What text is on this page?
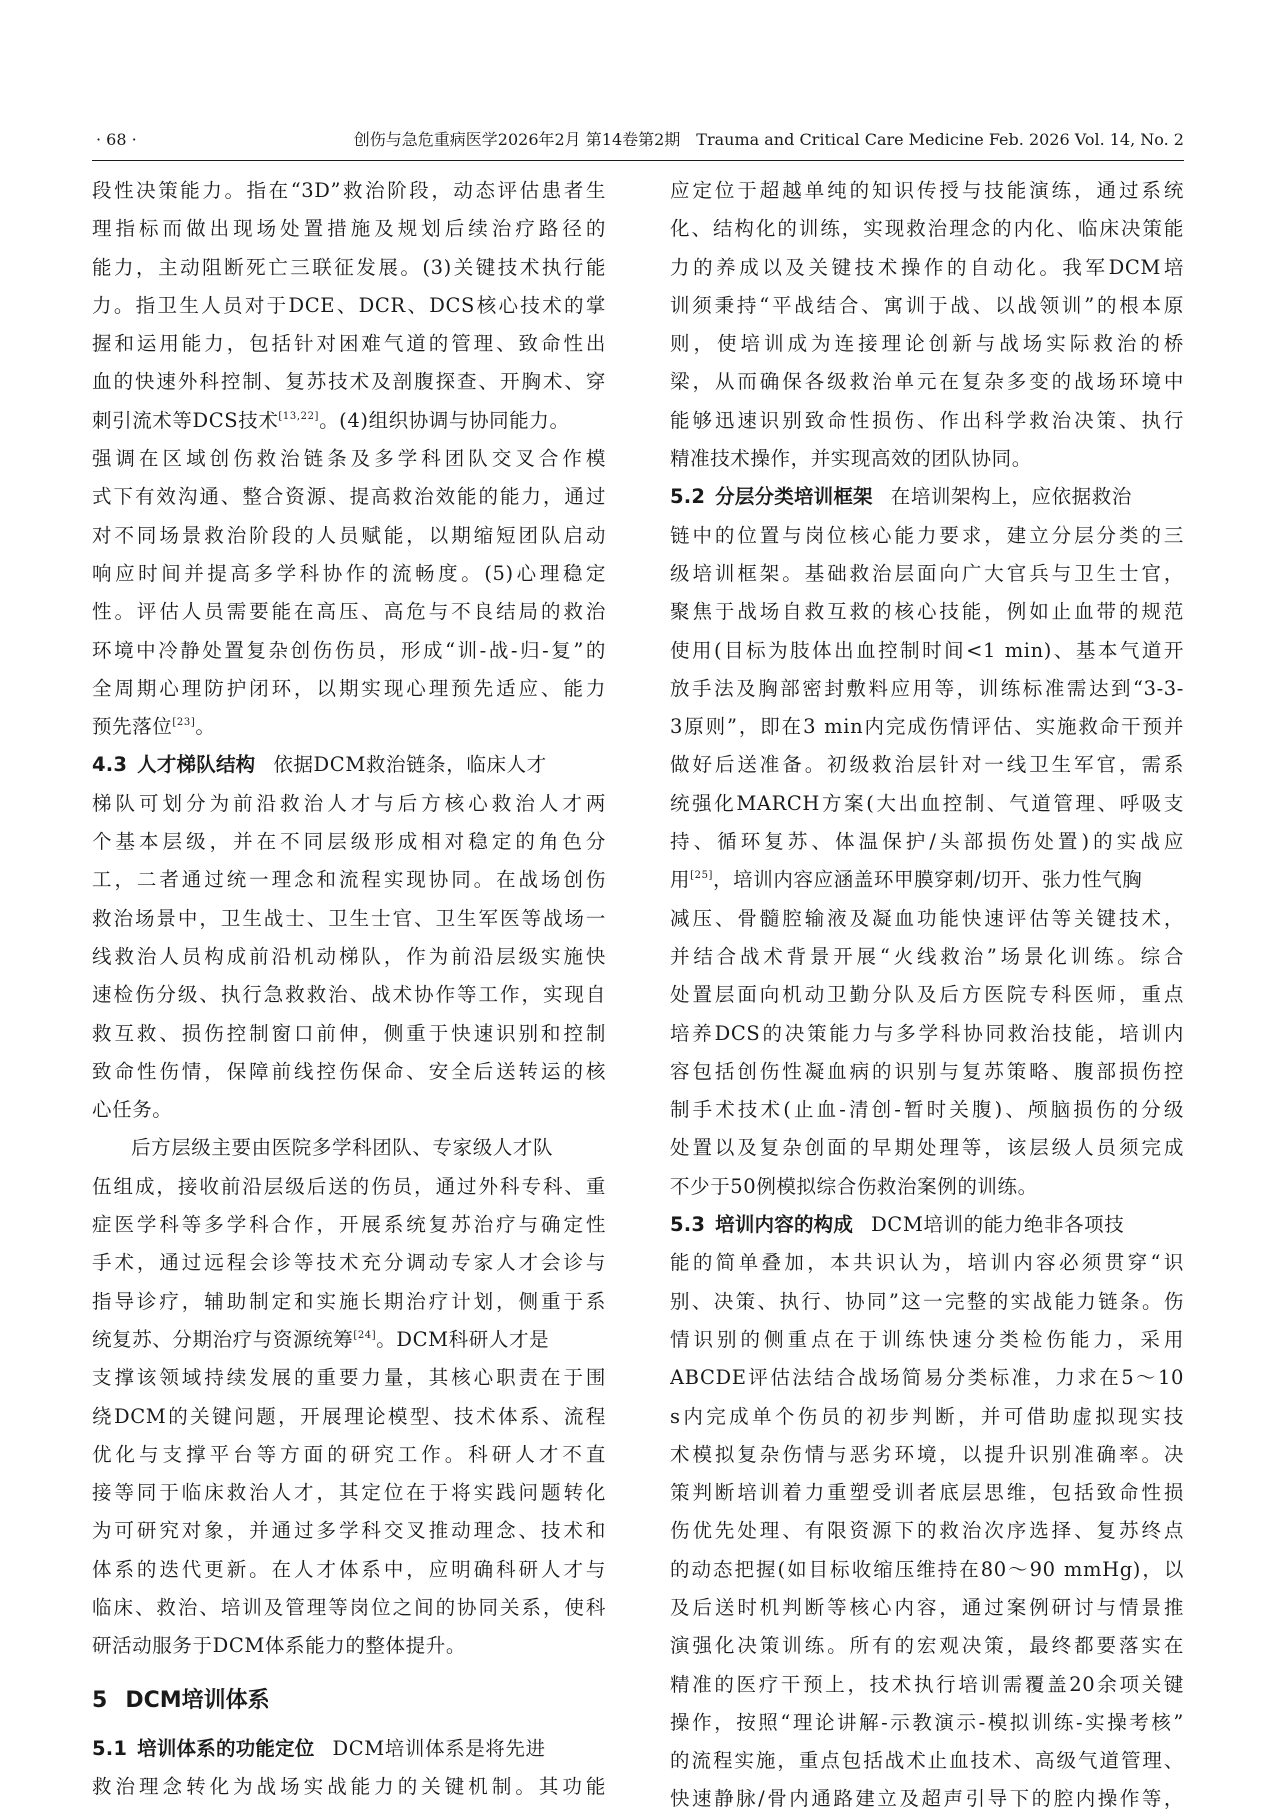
· 68 ·	创伤与急危重病医学2026年2月 第14卷第2期　Trauma and Critical Care Medicine Feb. 2026 Vol. 14, No. 2
段性决策能力。指在“3D”救治阶段，动态评估患者生
理指标而做出现场处置措施及规划后续治疗路径的
能力，主动阻断死亡三联征发展。(3)关键技术执行能
力。指卫生人员对于DCE、DCR、DCS核心技术的掌
握和运用能力，包括针对困难气道的管理、致命性出
血的快速外科控制、复苏技术及剖腹探查、开胸术、穿
刺引流术等DCS技术[13,22]。(4)组织协调与协同能力。
强调在区域创伤救治链条及多学科团队交叉合作模
式下有效沟通、整合资源、提高救治效能的能力，通过
对不同场景救治阶段的人员赋能，以期缩短团队启动
响应时间并提高多学科协作的流畅度。(5)心理稳定
性。评估人员需要能在高压、高危与不良结局的救治
环境中冷静处置复杂创伤伤员，形成“训-战-归-复”的
全周期心理防护闭环，以期实现心理预先适应、能力
预先落位[23]。
4.3 人才梯队结构 依据DCM救治链条，临床人才
梯队可划分为前沿救治人才与后方核心救治人才两
个基本层级，并在不同层级形成相对稳定的角色分
工，二者通过统一理念和流程实现协同。在战场创伤
救治场景中，卫生战士、卫生士官、卫生军医等战场一
线救治人员构成前沿机动梯队，作为前沿层级实施快
速检伤分级、执行急救救治、战术协作等工作，实现自
救互救、损伤控制窗口前伸，侧重于快速识别和控制
致命性伤情，保障前线控伤保命、安全后送转运的核
心任务。
后方层级主要由医院多学科团队、专家级人才队
伍组成，接收前沿层级后送的伤员，通过外科专科、重
症医学科等多学科合作，开展系统复苏治疗与确定性
手术，通过远程会诊等技术充分调动专家人才会诊与
指导诊疗，辅助制定和实施长期治疗计划，侧重于系
统复苏、分期治疗与资源统筹[24]。DCM科研人才是
支撑该领域持续发展的重要力量，其核心职责在于围
绕DCM的关键问题，开展理论模型、技术体系、流程
优化与支撑平台等方面的研究工作。科研人才不直
接等同于临床救治人才，其定位在于将实践问题转化
为可研究对象，并通过多学科交叉推动理念、技术和
体系的迭代更新。在人才体系中，应明确科研人才与
临床、救治、培训及管理等岗位之间的协同关系，使科
研活动服务于DCM体系能力的整体提升。
5 DCM培训体系
5.1 培训体系的功能定位 DCM培训体系是将先进
救治理念转化为战场实战能力的关键机制。其功能
应定位于超越单纯的知识传授与技能演练，通过系统
化、结构化的训练，实现救治理念的内化、临床决策能
力的养成以及关键技术操作的自动化。我军DCM培
训须秉持“平战结合、寓训于战、以战领训”的根本原
则，使培训成为连接理论创新与战场实际救治的桥
梁，从而确保各级救治单元在复杂多变的战场环境中
能够迅速识别致命性损伤、作出科学救治决策、执行
精准技术操作，并实现高效的团队协同。
5.2 分层分类培训框架 在培训架构上，应依据救治
链中的位置与岗位核心能力要求，建立分层分类的三
级培训框架。基础救治层面向广大官兵与卫生士官，
聚焦于战场自救互救的核心技能，例如止血带的规范
使用(目标为肢体出血控制时间<1 min)、基本气道开
放手法及胸部密封敷料应用等，训练标准需达到“3-3-
3原则”，即在3 min内完成伤情评估、实施救命干预并
做好后送准备。初级救治层针对一线卫生军官，需系
统强化MARCH方案(大出血控制、气道管理、呼吸支
持、循环复苏、体温保护/头部损伤处置)的实战应
用[25]，培训内容应涵盖环甲膜穿刺/切开、张力性气胸
减压、骨髓腔输液及凝血功能快速评估等关键技术，
并结合战术背景开展“火线救治”场景化训练。综合
处置层面向机动卫勤分队及后方医院专科医师，重点
培养DCS的决策能力与多学科协同救治技能，培训内
容包括创伤性凝血病的识别与复苏策略、腹部损伤控
制手术技术(止血-清创-暂时关腹)、颅脑损伤的分级
处置以及复杂创面的早期处理等，该层级人员须完成
不少于50例模拟综合伤救治案例的训练。
5.3 培训内容的构成 DCM培训的能力绝非各项技
能的简单叠加，本共识认为，培训内容必须贯穿“识
别、决策、执行、协同”这一完整的实战能力链条。伤
情识别的侧重点在于训练快速分类检伤能力，采用
ABCDE评估法结合战场简易分类标准，力求在5～10
s内完成单个伤员的初步判断，并可借助虚拟现实技
术模拟复杂伤情与恶劣环境，以提升识别准确率。决
策判断培训着力重塑受训者底层思维，包括致命性损
伤优先处理、有限资源下的救治次序选择、复苏终点
的动态把握(如目标收缩压维持在80～90 mmHg)，以
及后送时机判断等核心内容，通过案例研讨与情景推
演强化决策训练。所有的宏观决策，最终都要落实在
精准的医疗干预上，技术执行培训需覆盖20余项关键
操作，按照“理论讲解-示教演示-模拟训练-实操考核”
的流程实施，重点包括战术止血技术、高级气道管理、
快速静脉/骨内通路建立及超声引导下的腔内操作等，
